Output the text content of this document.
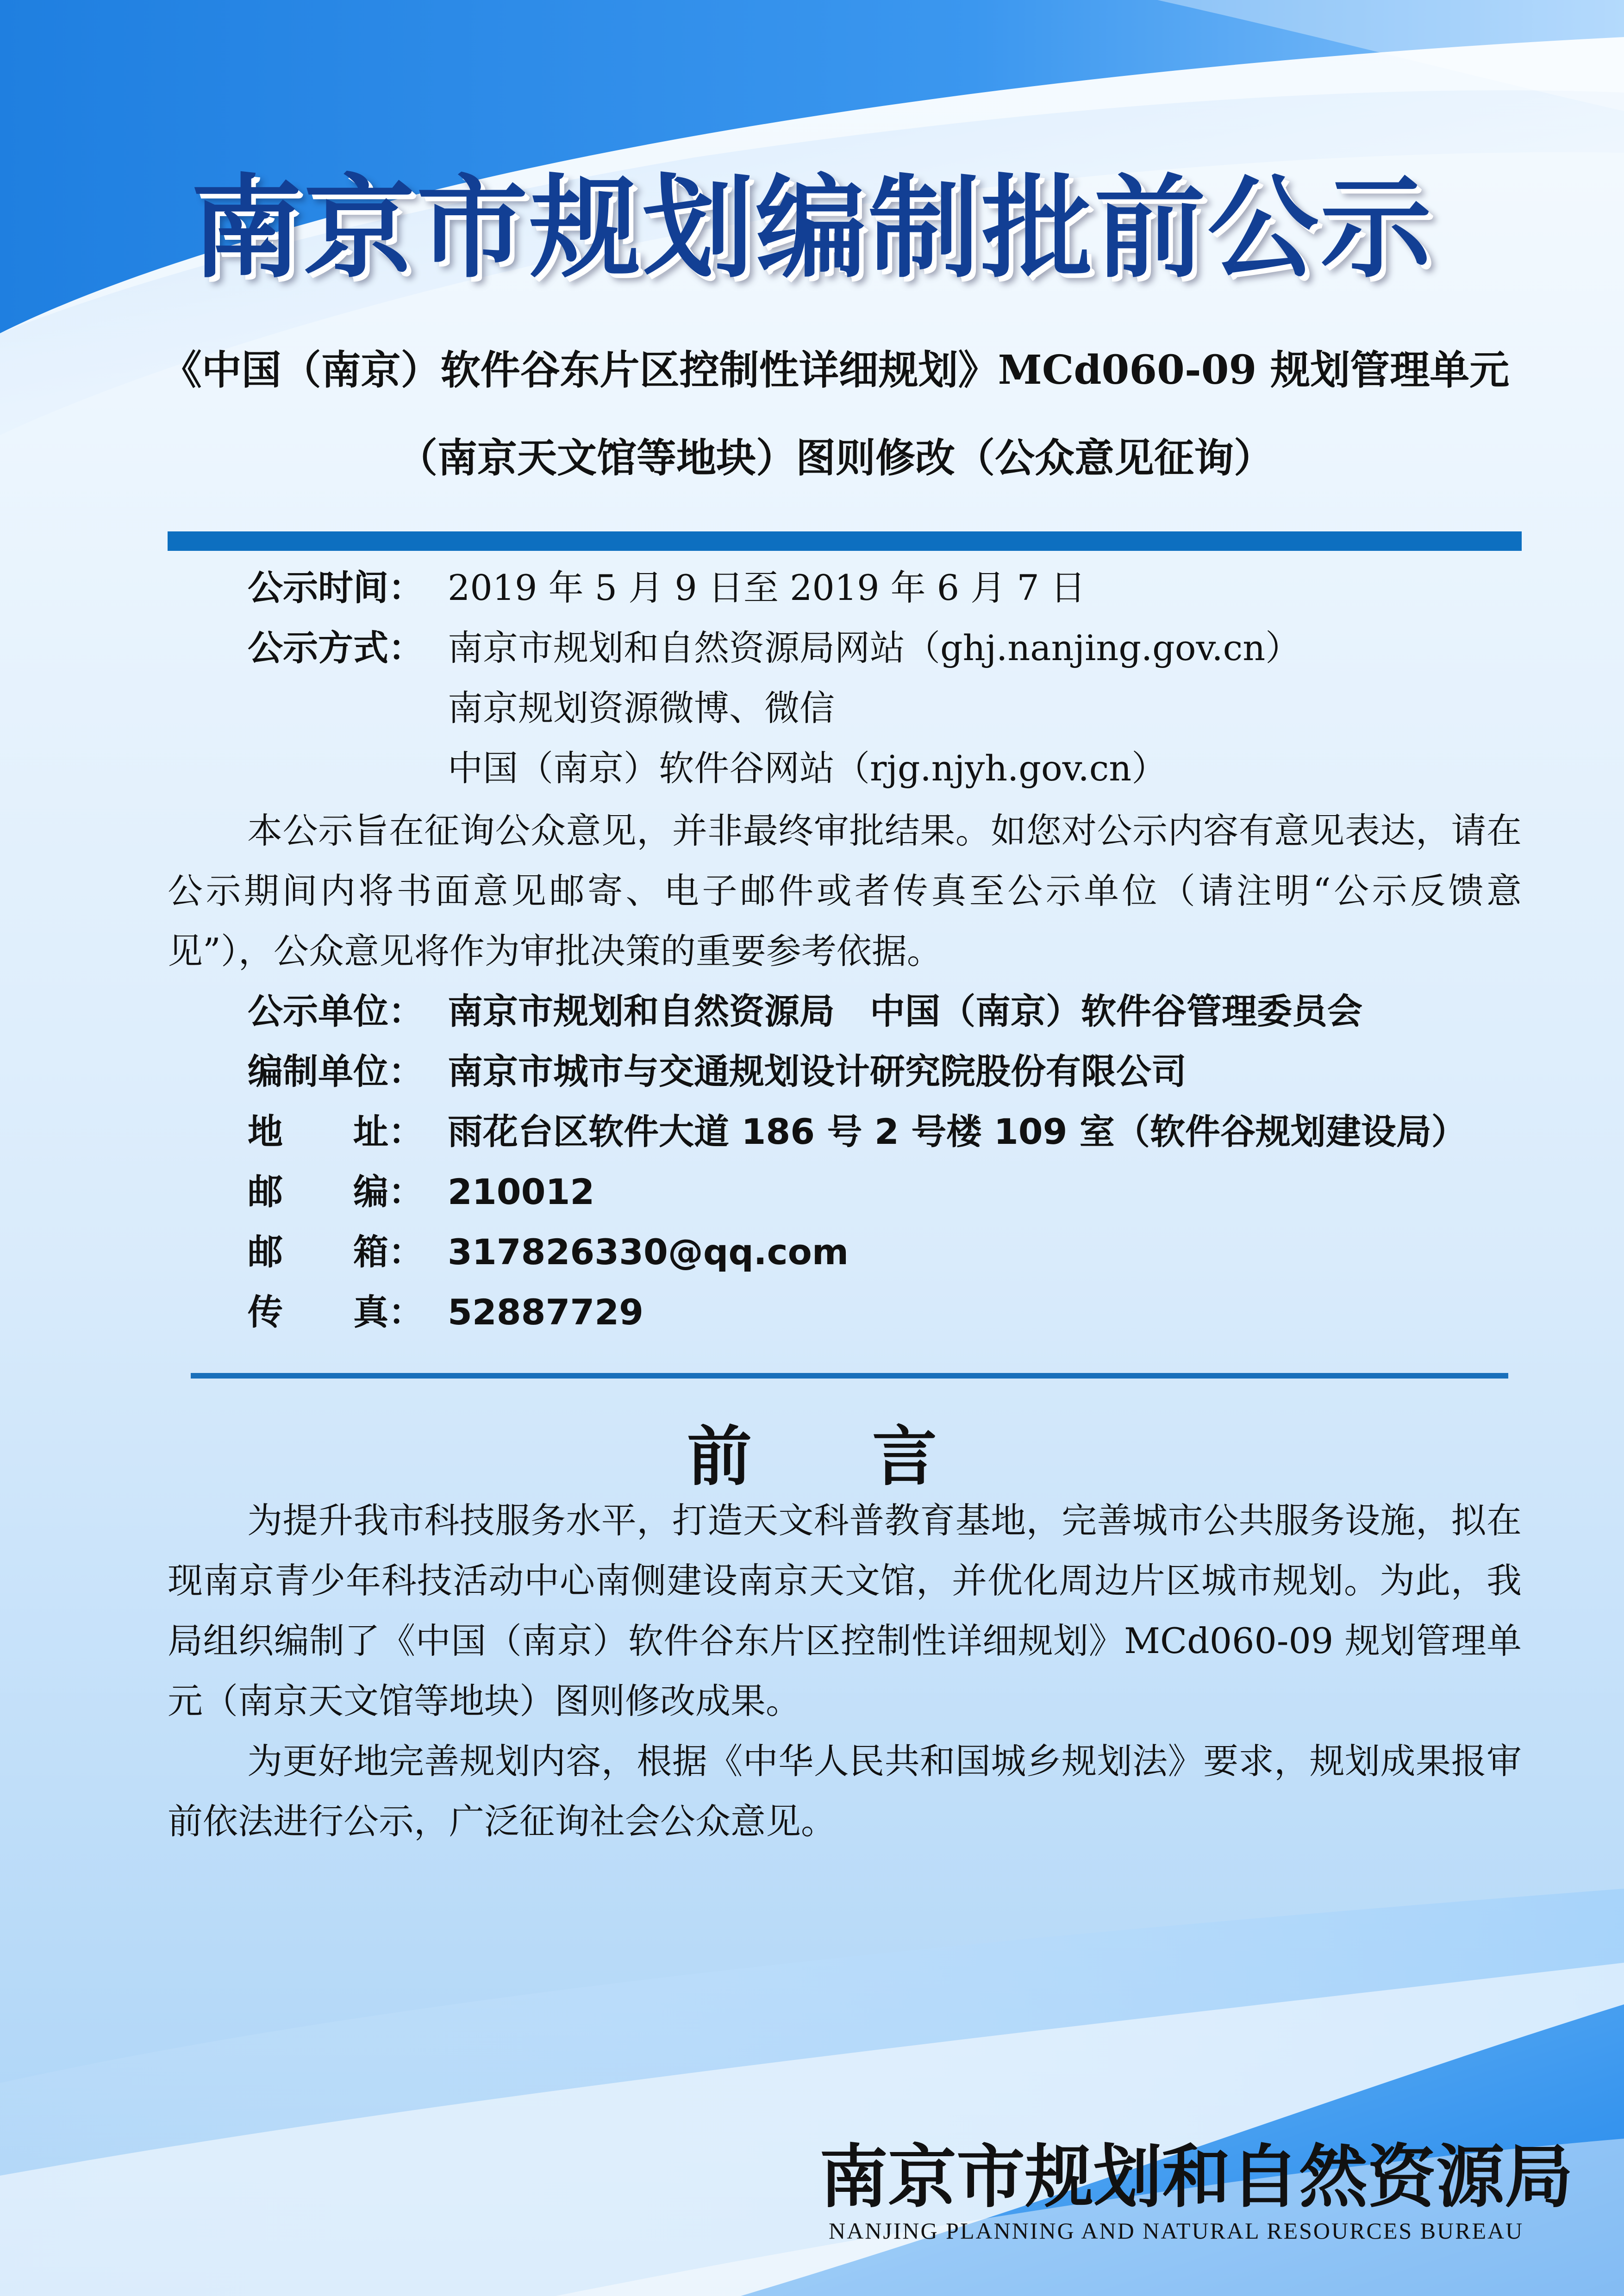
南京市规划编制批前公示
《中国（南京）软件谷东片区控制性详细规划》MCd060-09 规划管理单元
（南京天文馆等地块）图则修改（公众意见征询）
公示时间： 2019 年 5 月 9 日至 2019 年 6 月 7 日
公示方式： 南京市规划和自然资源局网站（ghj.nanjing.gov.cn）
南京规划资源微博、微信
中国（南京）软件谷网站（rjg.njyh.gov.cn）

本公示旨在征询公众意见，并非最终审批结果。如您对公示内容有意见表达，请在公示期间内将书面意见邮寄、电子邮件或者传真至公示单位（请注明“公示反馈意见”），公众意见将作为审批决策的重要参考依据。

公示单位： 南京市规划和自然资源局　中国（南京）软件谷管理委员会
编制单位： 南京市城市与交通规划设计研究院股份有限公司
地　　址： 雨花台区软件大道 186 号 2 号楼 109 室（软件谷规划建设局）
邮　　编： 210012
邮　　箱： 317826330@qq.com
传　　真： 52887729
前言

为提升我市科技服务水平，打造天文科普教育基地，完善城市公共服务设施，拟在现南京青少年科技活动中心南侧建设南京天文馆，并优化周边片区城市规划。为此，我局组织编制了《中国（南京）软件谷东片区控制性详细规划》MCd060-09 规划管理单元（南京天文馆等地块）图则修改成果。

为更好地完善规划内容，根据《中华人民共和国城乡规划法》要求，规划成果报审前依法进行公示，广泛征询社会公众意见。

南京市规划和自然资源局
NANJING PLANNING AND NATURAL RESOURCES BUREAU
